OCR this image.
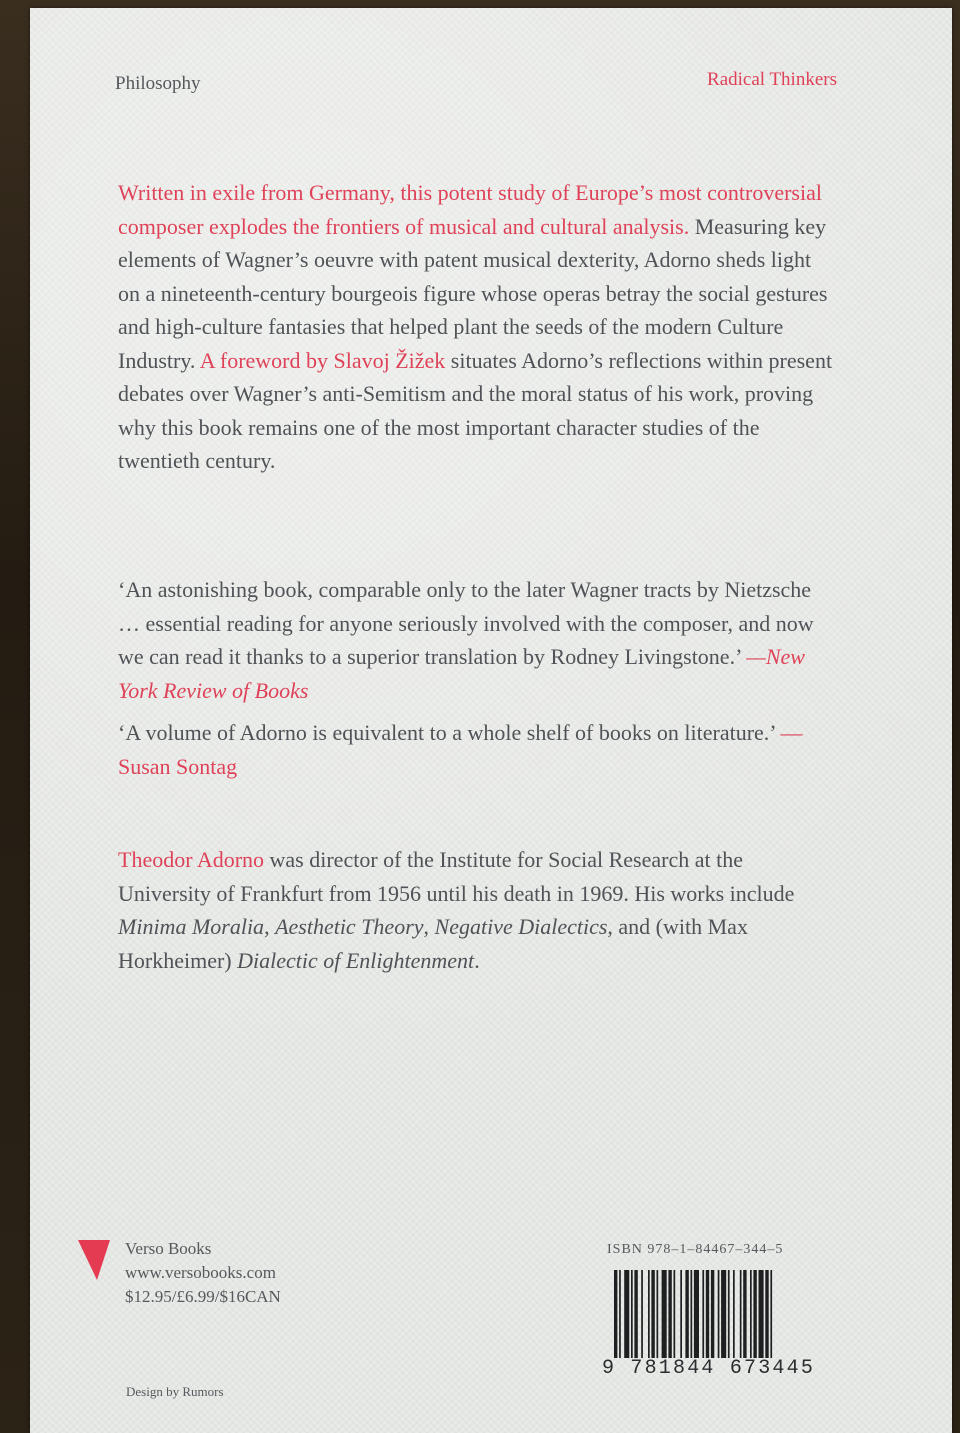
Philosophy	Radical Thinkers
Written in exile from Germany, this potent study of Europe’s most controversial composer explodes the frontiers of musical and cultural analysis. Measuring key elements of Wagner’s oeuvre with patent musical dexterity, Adorno sheds light on a nineteenth-century bourgeois figure whose operas betray the social gestures and high-culture fantasies that helped plant the seeds of the modern Culture Industry. A foreword by Slavoj Žižek situates Adorno’s reflections within present debates over Wagner’s anti-Semitism and the moral status of his work, proving why this book remains one of the most important character studies of the twentieth century.
‘An astonishing book, comparable only to the later Wagner tracts by Nietzsche … essential reading for anyone seriously involved with the composer, and now we can read it thanks to a superior translation by Rodney Livingstone.’ —New York Review of Books
‘A volume of Adorno is equivalent to a whole shelf of books on literature.’ —Susan Sontag
Theodor Adorno was director of the Institute for Social Research at the University of Frankfurt from 1956 until his death in 1969. His works include Minima Moralia, Aesthetic Theory, Negative Dialectics, and (with Max Horkheimer) Dialectic of Enlightenment.
Verso Books
www.versobooks.com
$12.95/£6.99/$16CAN
Design by Rumors
ISBN 978–1–84467–344–5
9 781844 673445
